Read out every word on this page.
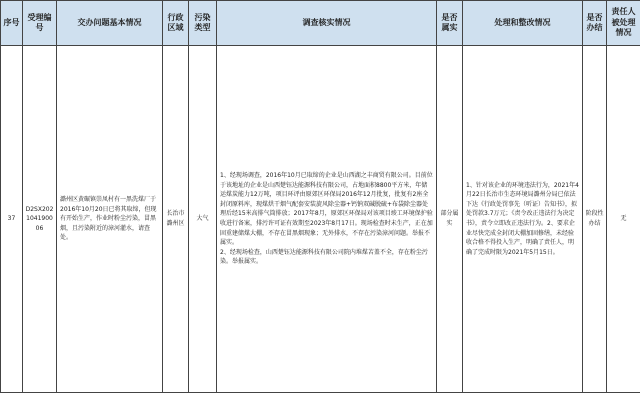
序号	受理编号	交办问题基本情况	行政区域	污染类型	调查核实情况	是否属实	处理和整改情况	是否办结	责任人被处理情况
37	D2SX202104190006	潞州区黄碾镇崇凤村有一黑洗煤厂于2016年10月20日已将其取缔，但现有开始生产，作业时粉尘污染，冒黑烟，且污染附近的漳河灌水，请查处。	长治市潞州区	大气	1、经现场调查，2016年10月已取缔的企业是山西湖之丰商贸有限公司。目前位于该地址的企业是山西楚钰达能源科技有限公司，占地面积8800平方米，年储运煤炭能力12万吨，项目环评由原郊区环保局2016年12月批复，批复有2座全封闭原料库，现煤烘干烟气配套安装旋风除尘器+钙钠双碱脱硫+布袋除尘器处理后经15米高排气筒排放；2017年8月，原郊区环保局对该项目竣工环境保护验收进行备案，排污许可证有效期至2023年8月17日。现场检查时未生产，正在加固重建储煤大棚，不存在冒黑烟现象；无外排水，不存在污染漳河问题。举报不属实。

2、经现场检查，山西楚钰达能源科技有限公司院内堆煤苫盖不全，存在粉尘污染。举报属实。	部分属实	1、针对该企业的环境违法行为，2021年4月22日长治市生态环境局潞州分局已依法下达《行政处罚事先（听证）告知书》，拟处罚款3.7万元；《责令改正违法行为决定书》，责令立即改正违法行为。2、要求企业尽快完成全封闭大棚加固修缮，未经验收合格不得投入生产，明确了责任人，明确了完成时限为2021年5月15日。	阶段性办结	无
